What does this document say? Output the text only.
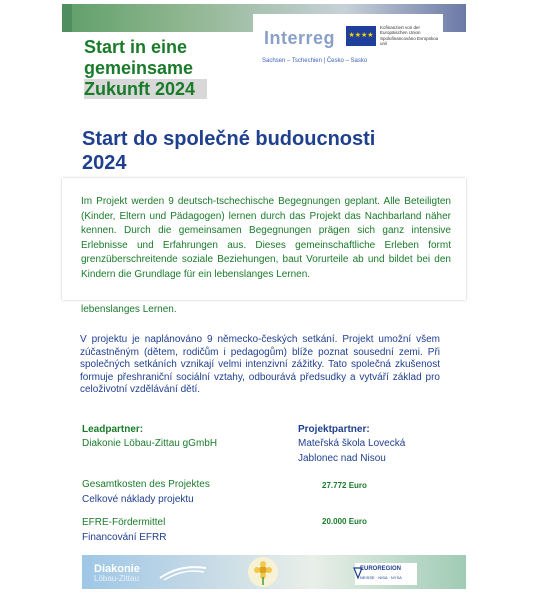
Interreg	★★★★
Kofinanziert von der Europäischen Union Spolufinancováno Evropskou unií
Sachsen – Tschechien | Česko – Sasko
Start in eine
gemeinsame
Zukunft 2024
Start do společné budoucnosti
2024
Im Projekt werden 9 deutsch-tschechische Begegnungen geplant. Alle Beteiligten (Kinder, Eltern und Pädagogen) lernen durch das Projekt das Nachbarland näher kennen. Durch die gemeinsamen Begegnungen prägen sich ganz intensive Erlebnisse und Erfahrungen aus. Dieses gemeinschaftliche Erleben formt grenzüberschreitende soziale Beziehungen, baut Vorurteile ab und bildet bei den Kindern die Grundlage für ein lebenslanges Lernen.
lebenslanges Lernen.
V projektu je naplánováno 9 německo-českých setkání. Projekt umožní všem zúčastněným (dětem, rodičům i pedagogům) blíže poznat sousední zemi. Při společných setkáních vznikají velmi intenzivní zážitky. Tato společná zkušenost formuje přeshraniční sociální vztahy, odbourává předsudky a vytváří základ pro celoživotní vzdělávání dětí.
Leadpartner:
Diakonie Löbau-Zittau gGmbH
Projektpartner:
Mateřská škola Lovecká
Jablonec nad Nisou
Gesamtkosten des Projektes
Celkové náklady projektu
27.772 Euro
EFRE-Fördermittel
Financování EFRR
20.000 Euro
Diakonie
Löbau-Zittau
EUROREGION
NEISSE · NISA · NYSA
